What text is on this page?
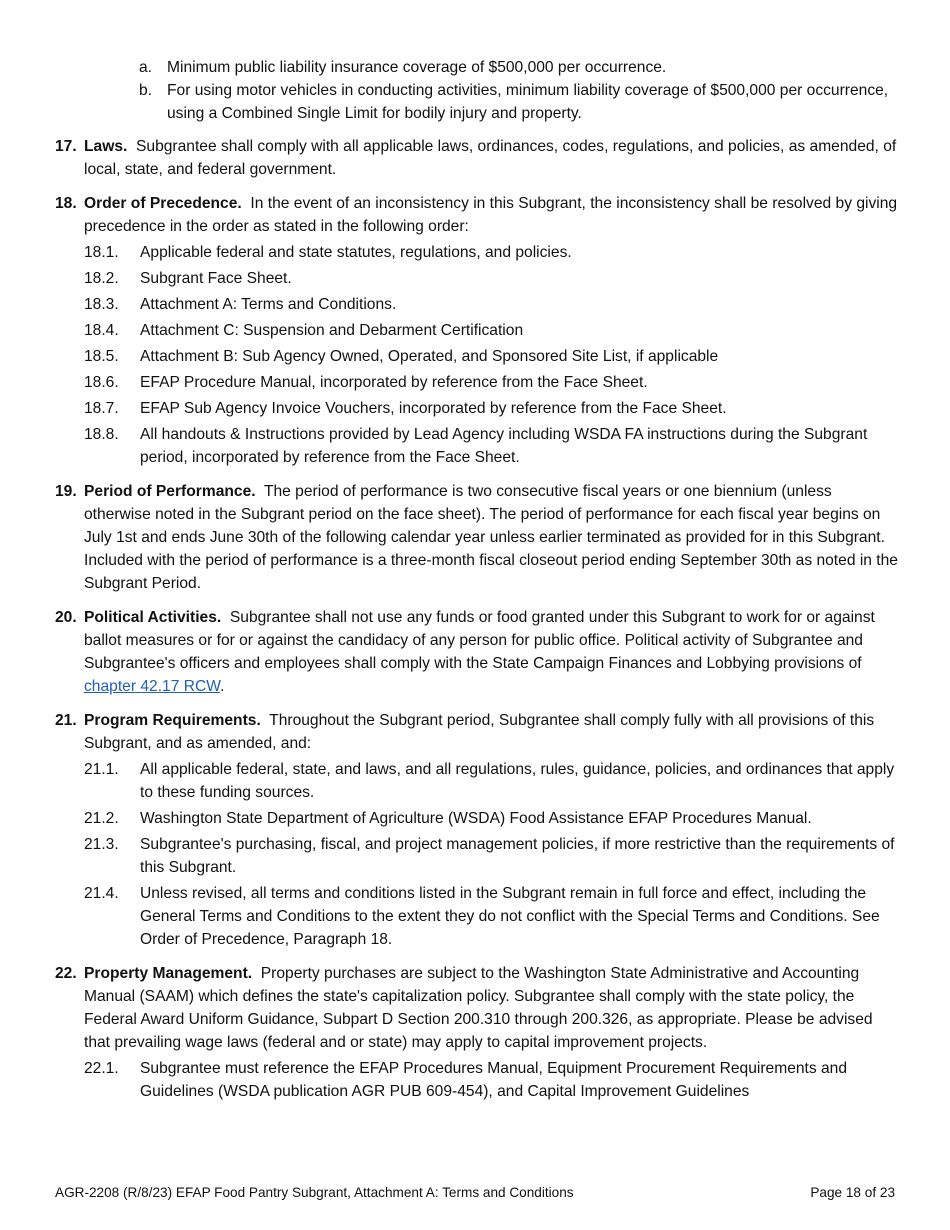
a. Minimum public liability insurance coverage of $500,000 per occurrence.
b. For using motor vehicles in conducting activities, minimum liability coverage of $500,000 per occurrence, using a Combined Single Limit for bodily injury and property.
17. Laws. Subgrantee shall comply with all applicable laws, ordinances, codes, regulations, and policies, as amended, of local, state, and federal government.

18. Order of Precedence. In the event of an inconsistency in this Subgrant, the inconsistency shall be resolved by giving precedence in the order as stated in the following order:

18.1.	Applicable federal and state statutes, regulations, and policies.
18.2.	Subgrant Face Sheet.
18.3.	Attachment A: Terms and Conditions.
18.4.	Attachment C: Suspension and Debarment Certification
18.5.	Attachment B: Sub Agency Owned, Operated, and Sponsored Site List, if applicable
18.6.	EFAP Procedure Manual, incorporated by reference from the Face Sheet.
18.7.	EFAP Sub Agency Invoice Vouchers, incorporated by reference from the Face Sheet.
18.8.	All handouts & Instructions provided by Lead Agency including WSDA FA instructions during the Subgrant period, incorporated by reference from the Face Sheet.
19. Period of Performance. The period of performance is two consecutive fiscal years or one biennium (unless otherwise noted in the Subgrant period on the face sheet). The period of performance for each fiscal year begins on July 1st and ends June 30th of the following calendar year unless earlier terminated as provided for in this Subgrant. Included with the period of performance is a three-month fiscal closeout period ending September 30th as noted in the Subgrant Period.

20. Political Activities. Subgrantee shall not use any funds or food granted under this Subgrant to work for or against ballot measures or for or against the candidacy of any person for public office. Political activity of Subgrantee and Subgrantee's officers and employees shall comply with the State Campaign Finances and Lobbying provisions of chapter 42.17 RCW.

21. Program Requirements. Throughout the Subgrant period, Subgrantee shall comply fully with all provisions of this Subgrant, and as amended, and:

21.1.	All applicable federal, state, and laws, and all regulations, rules, guidance, policies, and ordinances that apply to these funding sources.
21.2.	Washington State Department of Agriculture (WSDA) Food Assistance EFAP Procedures Manual.
21.3.	Subgrantee's purchasing, fiscal, and project management policies, if more restrictive than the requirements of this Subgrant.
21.4.	Unless revised, all terms and conditions listed in the Subgrant remain in full force and effect, including the General Terms and Conditions to the extent they do not conflict with the Special Terms and Conditions. See Order of Precedence, Paragraph 18.
22. Property Management. Property purchases are subject to the Washington State Administrative and Accounting Manual (SAAM) which defines the state's capitalization policy. Subgrantee shall comply with the state policy, the Federal Award Uniform Guidance, Subpart D Section 200.310 through 200.326, as appropriate. Please be advised that prevailing wage laws (federal and or state) may apply to capital improvement projects.

22.1.	Subgrantee must reference the EFAP Procedures Manual, Equipment Procurement Requirements and Guidelines (WSDA publication AGR PUB 609-454), and Capital Improvement Guidelines
AGR-2208 (R/8/23) EFAP Food Pantry Subgrant, Attachment A: Terms and Conditions	Page 18 of 23
